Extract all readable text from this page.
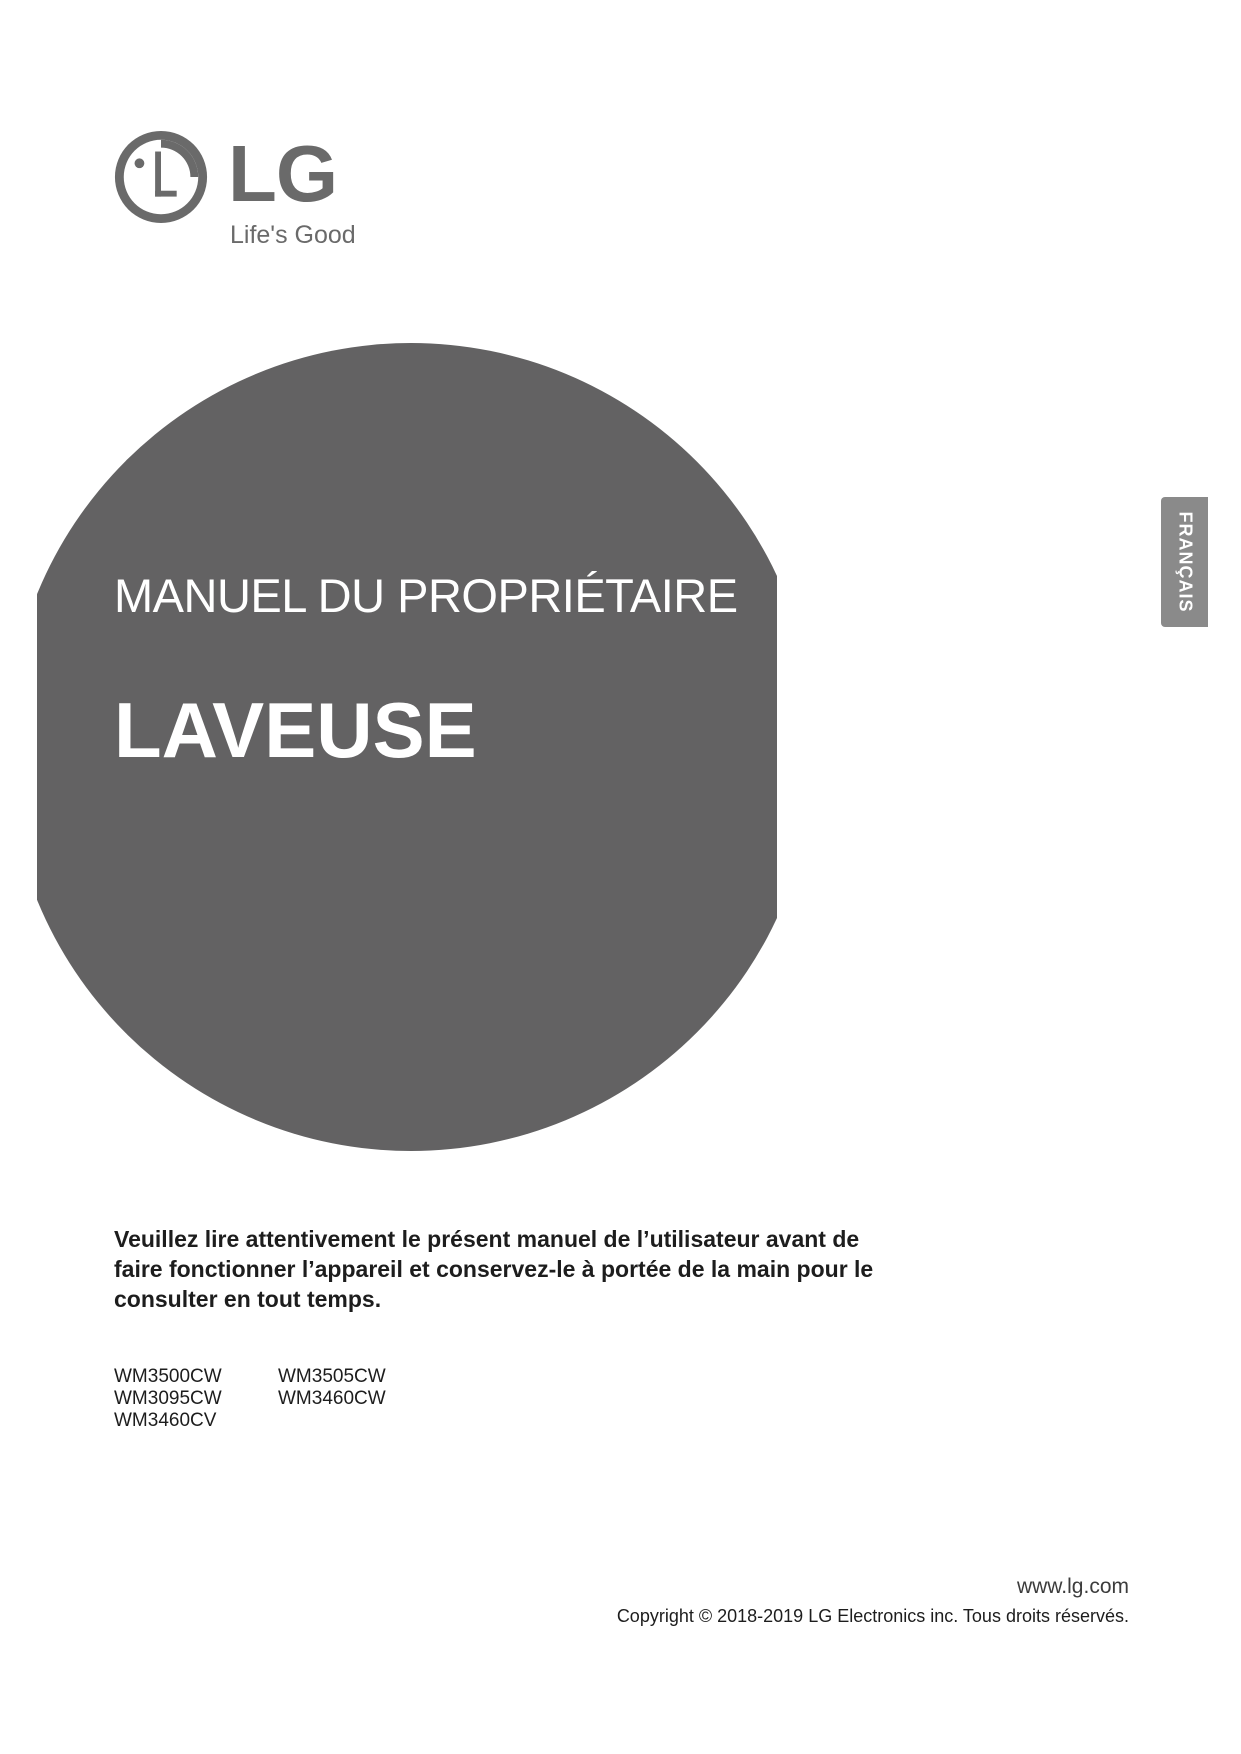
LG
Life's Good
MANUEL DU PROPRIÉTAIRE
LAVEUSE
FRANÇAIS
Veuillez lire attentivement le présent manuel de l’utilisateur avant de
faire fonctionner l’appareil et conservez-le à portée de la main pour le
consulter en tout temps.
WM3500CW	WM3505CW
WM3095CW	WM3460CW
WM3460CV
www.lg.com
Copyright © 2018-2019 LG Electronics inc. Tous droits réservés.
